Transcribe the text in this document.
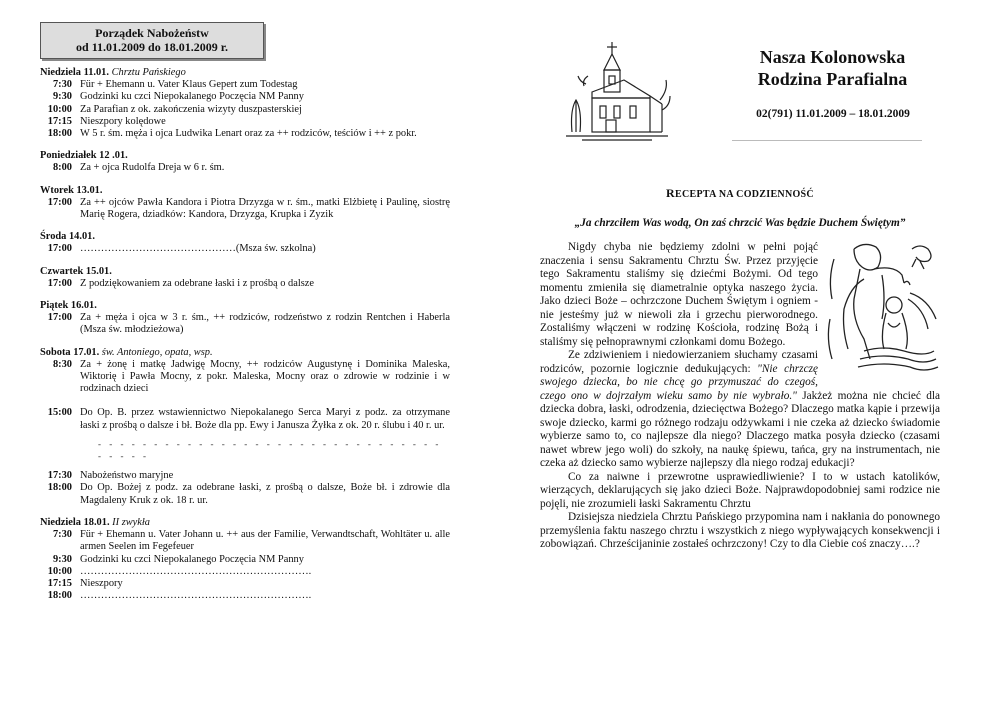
Porządek Nabożeństw
od 11.01.2009 do 18.01.2009 r.
Niedziela 11.01. Chrztu Pańskiego
7:30 Für + Ehemann u. Vater Klaus Gepert zum Todestag
9:30 Godzinki ku czci Niepokalanego Poczęcia NM Panny
10:00 Za Parafian z ok. zakończenia wizyty duszpasterskiej
17:15 Nieszpory kolędowe
18:00 W 5 r. śm. męża i ojca Ludwika Lenart oraz za ++ rodziców, teściów i ++ z pokr.
Poniedziałek 12 .01.
8:00 Za + ojca Rudolfa Dreja w 6 r. śm.
Wtorek 13.01.
17:00 Za ++ ojców Pawła Kandora i Piotra Drzyzga w r. śm., matki Elżbietę i Paulinę, siostrę Marię Rogera, dziadków: Kandora, Drzyzga, Krupka i Zyzik
Środa 14.01.
17:00 ………………………………………(Msza św. szkolna)
Czwartek 15.01.
17:00 Z podziękowaniem za odebrane łaski i z prośbą o dalsze
Piątek 16.01.
17:00 Za + męża i ojca w 3 r. śm., ++ rodziców, rodzeństwo z rodzin Rentchen i Haberla (Msza św. młodzieżowa)
Sobota 17.01. św. Antoniego, opata, wsp.
8:30 Za + żonę i matkę Jadwigę Mocny, ++ rodziców Augustynę i Dominika Maleska, Wiktorię i Pawła Mocny, z pokr. Maleska, Mocny oraz o zdrowie w rodzinie i w rodzinach dzieci
15:00 Do Op. B. przez wstawiennictwo Niepokalanego Serca Maryi z podz. za otrzymane łaski z prośbą o dalsze i bł. Boże dla pp. Ewy i Janusza Żyłka z ok. 20 r. ślubu i 40 r. ur.
- - - - - - - - - - - - - - - - - - - - - - - - - - - - - - - - - - - -
17:30 Nabożeństwo maryjne
18:00 Do Op. Bożej z podz. za odebrane łaski, z prośbą o dalsze, Boże bł. i zdrowie dla Magdaleny Kruk z ok. 18 r. ur.
Niedziela 18.01. II zwykła
7:30 Für + Ehemann u. Vater Johann u. ++ aus der Familie, Verwandtschaft, Wohltäter u. alle armen Seelen im Fegefeuer
9:30 Godzinki ku czci Niepokalanego Poczęcia NM Panny
10:00 ………………………………………………………….
17:15 Nieszpory
18:00 ………………………………………………………….
Nasza Kolonowska
Rodzina Parafialna
02(791) 11.01.2009 – 18.01.2009
RECEPTA NA CODZIENNOŚĆ
„Ja chrzciłem Was wodą, On zaś chrzcić Was będzie Duchem Świętym”

Nigdy chyba nie będziemy zdolni w pełni pojąć znaczenia i sensu Sakramentu Chrztu Św. Przez przyjęcie tego Sakramentu staliśmy się dziećmi Bożymi. Od tego momentu zmieniła się diametralnie optyka naszego życia. Jako dzieci Boże – ochrzczone Duchem Świętym i ogniem - nie jesteśmy już w niewoli zła i grzechu pierworodnego. Zostaliśmy włączeni w rodzinę Kościoła, rodzinę Bożą i staliśmy się pełnoprawnymi członkami domu Bożego.

Ze zdziwieniem i niedowierzaniem słuchamy czasami rodziców, pozornie logicznie dedukujących: "Nie chrzczę swojego dziecka, bo nie chcę go przymuszać do czegoś, czego ono w dojrzałym wieku samo by nie wybrało." Jakżeż można nie chcieć dla dziecka dobra, łaski, odrodzenia, dziecięctwa Bożego? Dlaczego matka kąpie i przewija swoje dziecko, karmi go różnego rodzaju odżywkami i nie czeka aż dziecko świadomie wybierze samo to, co najlepsze dla niego? Dlaczego matka posyła dziecko (czasami nawet wbrew jego woli) do szkoły, na naukę śpiewu, tańca, gry na instrumentach, nie czeka aż dziecko samo wybierze najlepszy dla niego rodzaj edukacji?

Co za naiwne i przewrotne usprawiedliwienie? I to w ustach katolików, wierzących, deklarujących się jako dzieci Boże. Najprawdopodobniej sami rodzice nie pojęli, nie zrozumieli łaski Sakramentu Chrztu

Dzisiejsza niedziela Chrztu Pańskiego przypomina nam i nakłania do ponownego przemyślenia faktu naszego chrztu i wszystkich z niego wypływających konsekwencji i zobowiązań. Chrześcijaninie zostałeś ochrzczony! Czy to dla Ciebie coś znaczy….?
